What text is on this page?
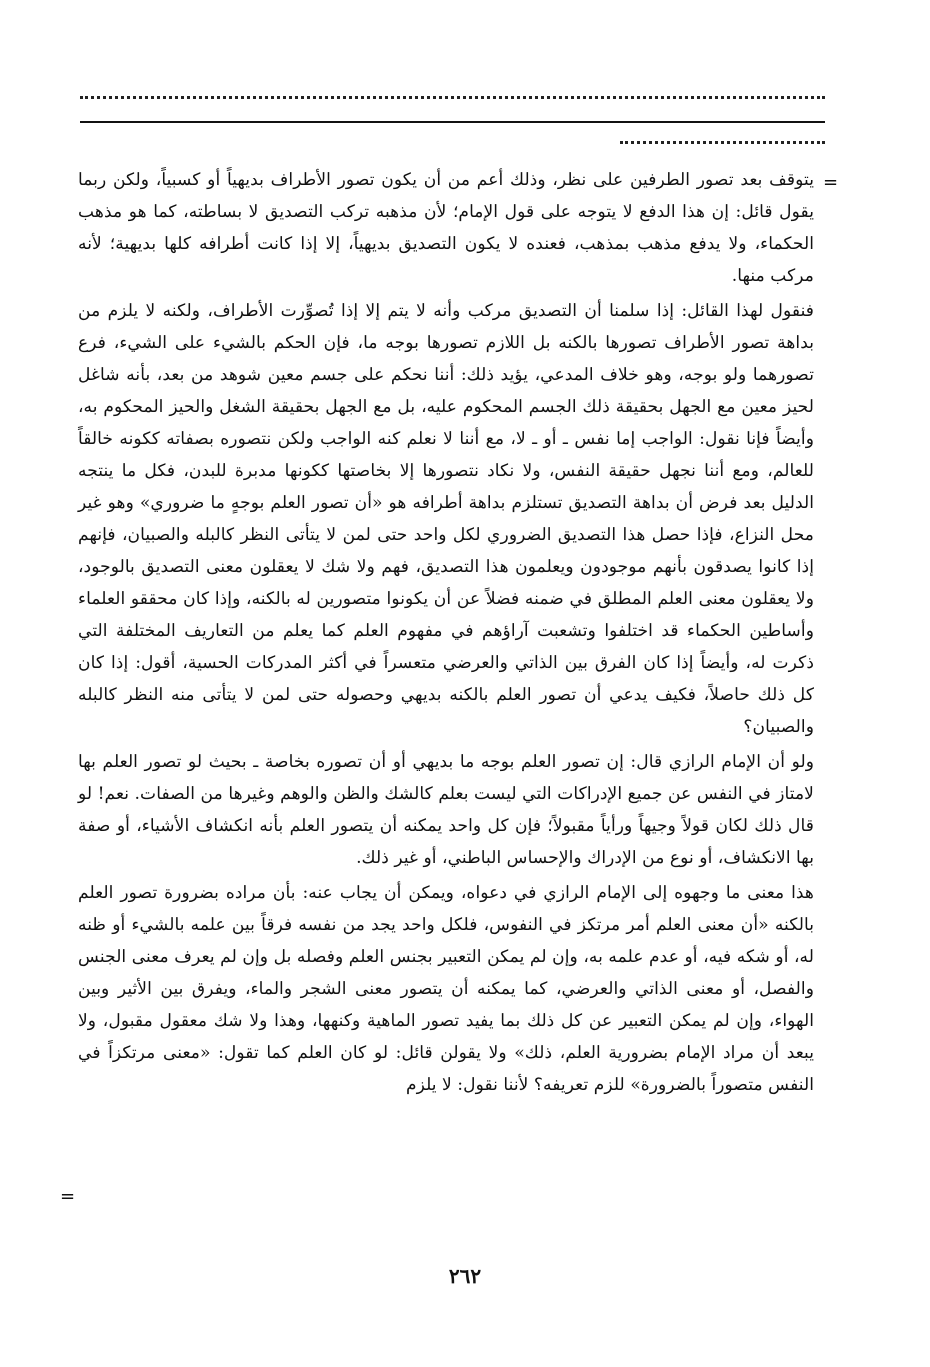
=

يتوقف بعد تصور الطرفين على نظر، وذلك أعم من أن يكون تصور الأطراف بديهياً أو كسبياً، ولكن ربما يقول قائل: إن هذا الدفع لا يتوجه على قول الإمام؛ لأن مذهبه تركب التصديق لا بساطته، كما هو مذهب الحكماء، ولا يدفع مذهب بمذهب، فعنده لا يكون التصديق بديهياً، إلا إذا كانت أطرافه كلها بديهية؛ لأنه مركب منها.

فنقول لهذا القائل: إذا سلمنا أن التصديق مركب وأنه لا يتم إلا إذا تُصوِّرت الأطراف، ولكنه لا يلزم من بداهة تصور الأطراف تصورها بالكنه بل اللازم تصورها بوجه ما، فإن الحكم بالشيء على الشيء، فرع تصورهما ولو بوجه، وهو خلاف المدعي، يؤيد ذلك: أننا نحكم على جسم معين شوهد من بعد، بأنه شاغل لحيز معين مع الجهل بحقيقة ذلك الجسم المحكوم عليه، بل مع الجهل بحقيقة الشغل والحيز المحكوم به، وأيضاً فإنا نقول: الواجب إما نفس ـ أو ـ لا، مع أننا لا نعلم كنه الواجب ولكن نتصوره بصفاته ككونه خالقاً للعالم، ومع أننا نجهل حقيقة النفس، ولا نكاد نتصورها إلا بخاصتها ككونها مدبرة للبدن، فكل ما ينتجه الدليل بعد فرض أن بداهة التصديق تستلزم بداهة أطرافه هو «أن تصور العلم بوجهٍ ما ضروري» وهو غير محل النزاع، فإذا حصل هذا التصديق الضروري لكل واحد حتى لمن لا يتأتى النظر كالبله والصبيان، فإنهم إذا كانوا يصدقون بأنهم موجودون ويعلمون هذا التصديق، فهم ولا شك لا يعقلون معنى التصديق بالوجود، ولا يعقلون معنى العلم المطلق في ضمنه فضلاً عن أن يكونوا متصورين له بالكنه، وإذا كان محققو العلماء وأساطين الحكماء قد اختلفوا وتشعبت آراؤهم في مفهوم العلم كما يعلم من التعاريف المختلفة التي ذكرت له، وأيضاً إذا كان الفرق بين الذاتي والعرضي متعسراً في أكثر المدركات الحسية، أقول: إذا كان كل ذلك حاصلاً، فكيف يدعي أن تصور العلم بالكنه بديهي وحصوله حتى لمن لا يتأتى منه النظر كالبله والصبيان؟

ولو أن الإمام الرازي قال: إن تصور العلم بوجه ما بديهي أو أن تصوره بخاصة ـ بحيث لو تصور العلم بها لامتاز في النفس عن جميع الإدراكات التي ليست بعلم كالشك والظن والوهم وغيرها من الصفات. نعم! لو قال ذلك لكان قولاً وجيهاً ورأياً مقبولاً؛ فإن كل واحد يمكنه أن يتصور العلم بأنه انكشاف الأشياء، أو صفة بها الانكشاف، أو نوع من الإدراك والإحساس الباطني، أو غير ذلك.

هذا معنى ما وجهوه إلى الإمام الرازي في دعواه، ويمكن أن يجاب عنه: بأن مراده بضرورة تصور العلم بالكنه «أن معنى العلم أمر مرتكز في النفوس، فلكل واحد يجد من نفسه فرقاً بين علمه بالشيء أو ظنه له، أو شكه فيه، أو عدم علمه به، وإن لم يمكن التعبير بجنس العلم وفصله بل وإن لم يعرف معنى الجنس والفصل، أو معنى الذاتي والعرضي، كما يمكنه أن يتصور معنى الشجر والماء، ويفرق بين الأثير وبين الهواء، وإن لم يمكن التعبير عن كل ذلك بما يفيد تصور الماهية وكنهها، وهذا ولا شك معقول مقبول، ولا يبعد أن مراد الإمام بضرورية العلم، ذلك» ولا يقولن قائل: لو كان العلم كما تقول: «معنى مرتكزاً في النفس متصوراً بالضرورة» للزم تعريفه؟ لأننا نقول: لا يلزم

=
٢٦٢
